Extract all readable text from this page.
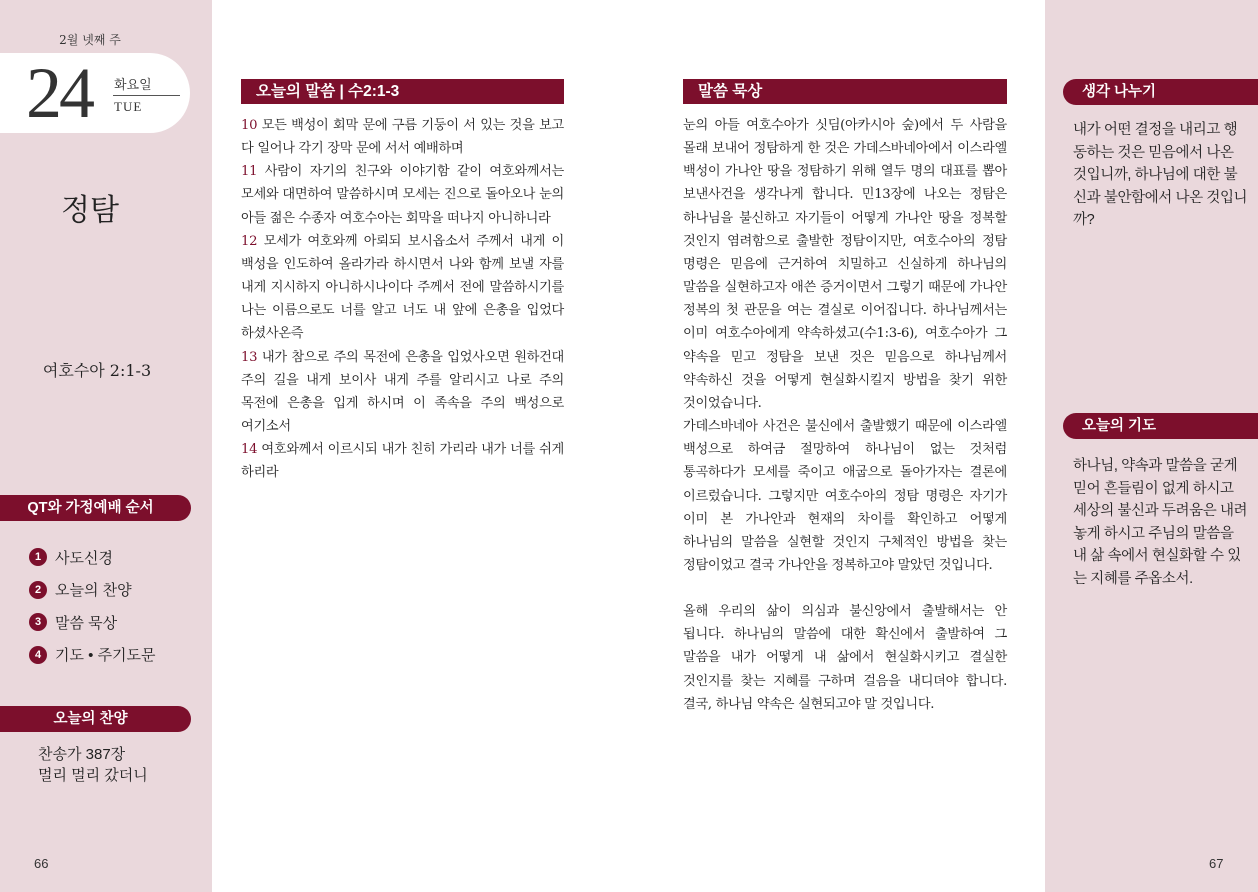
2월 넷째 주
24 화요일
TUE
정탐
여호수아 2:1-3
QT와 가정예배 순서
1 사도신경
2 오늘의 찬양
3 말씀 묵상
4 기도 • 주기도문
오늘의 찬양
찬송가 387장
멀리 멀리 갔더니
66
오늘의 말씀 | 수2:1-3
10 모든 백성이 회막 문에 구름 기둥이 서 있는 것을 보고 다 일어나 각기 장막 문에 서서 예배하며
11 사람이 자기의 친구와 이야기함 같이 여호와께서는 모세와 대면하여 말씀하시며 모세는 진으로 돌아오나 눈의 아들 젊은 수종자 여호수아는 회막을 떠나지 아니하니라
12 모세가 여호와께 아뢰되 보시옵소서 주께서 내게 이 백성을 인도하여 올라가라 하시면서 나와 함께 보낼 자를 내게 지시하지 아니하시나이다 주께서 전에 말씀하시기를 나는 이름으로도 너를 알고 너도 내 앞에 은총을 입었다 하셨사온즉
13 내가 참으로 주의 목전에 은총을 입었사오면 원하건대 주의 길을 내게 보이사 내게 주를 알리시고 나로 주의 목전에 은총을 입게 하시며 이 족속을 주의 백성으로 여기소서
14 여호와께서 이르시되 내가 친히 가리라 내가 너를 쉬게 하리라
말씀 묵상

눈의 아들 여호수아가 싯딤(아카시아 숲)에서 두 사람을 몰래 보내어 정탐하게 한 것은 가데스바네아에서 이스라엘 백성이 가나안 땅을 정탐하기 위해 열두 명의 대표를 뽑아 보낸사건을 생각나게 합니다. 민13장에 나오는 정탐은 하나님을 불신하고 자기들이 어떻게 가나안 땅을 정복할 것인지 염려함으로 출발한 정탐이지만, 여호수아의 정탐 명령은 믿음에 근거하여 치밀하고 신실하게 하나님의 말씀을 실현하고자 애쓴 증거이면서 그렇기 때문에 가나안 정복의 첫 관문을 여는 결실로 이어집니다. 하나님께서는 이미 여호수아에게 약속하셨고(수1:3-6), 여호수아가 그 약속을 믿고 정탐을 보낸 것은 믿음으로 하나님께서 약속하신 것을 어떻게 현실화시킬지 방법을 찾기 위한 것이었습니다.

가데스바네아 사건은 불신에서 출발했기 때문에 이스라엘 백성으로 하여금 절망하여 하나님이 없는 것처럼 통곡하다가 모세를 죽이고 애굽으로 돌아가자는 결론에 이르렀습니다. 그렇지만 여호수아의 정탐 명령은 자기가 이미 본 가나안과 현재의 차이를 확인하고 어떻게 하나님의 말씀을 실현할 것인지 구체적인 방법을 찾는 정탐이었고 결국 가나안을 정복하고야 말았던 것입니다.

올해 우리의 삶이 의심과 불신앙에서 출발해서는 안 됩니다. 하나님의 말씀에 대한 확신에서 출발하여 그 말씀을 내가 어떻게 내 삶에서 현실화시키고 결실한 것인지를 찾는 지혜를 구하며 걸음을 내디뎌야 합니다. 결국, 하나님 약속은 실현되고야 말 것입니다.

생각 나누기
내가 어떤 결정을 내리고 행동하는 것은 믿음에서 나온 것입니까, 하나님에 대한 불신과 불안함에서 나온 것입니까?
오늘의 기도
하나님, 약속과 말씀을 굳게 믿어 흔들림이 없게 하시고 세상의 불신과 두려움은 내려놓게 하시고 주님의 말씀을 내 삶 속에서 현실화할 수 있는 지혜를 주옵소서.
67
